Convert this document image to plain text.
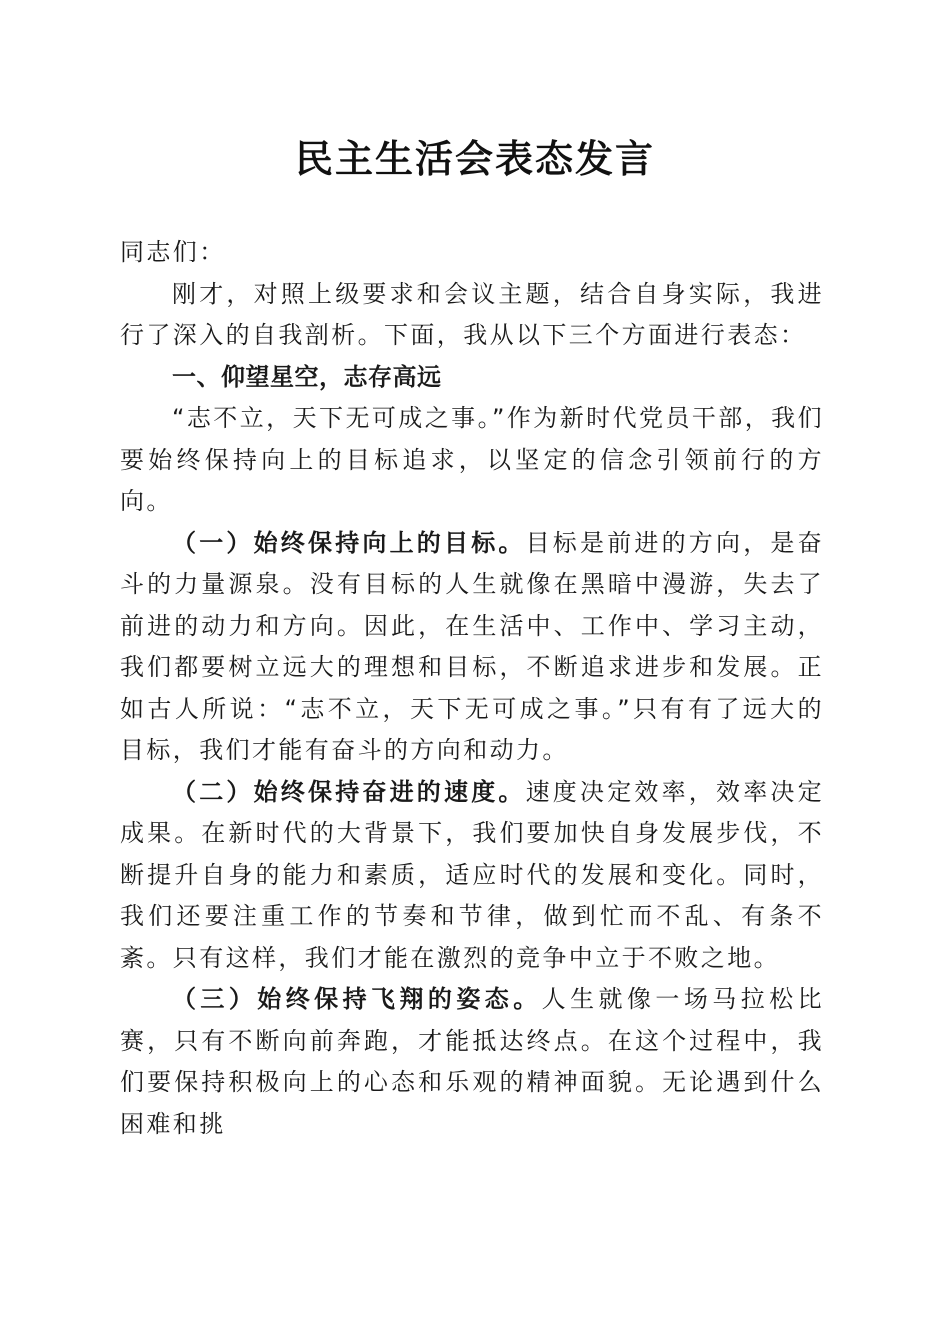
民主生活会表态发言

同志们：

刚才，对照上级要求和会议主题，结合自身实际，我进行了深入的自我剖析。下面，我从以下三个方面进行表态：

一、仰望星空，志存高远

“志不立，天下无可成之事。”作为新时代党员干部，我们要始终保持向上的目标追求，以坚定的信念引领前行的方向。

（一）始终保持向上的目标。目标是前进的方向，是奋斗的力量源泉。没有目标的人生就像在黑暗中漫游，失去了前进的动力和方向。因此，在生活中、工作中、学习主动，我们都要树立远大的理想和目标，不断追求进步和发展。正如古人所说：“志不立，天下无可成之事。”只有有了远大的目标，我们才能有奋斗的方向和动力。

（二）始终保持奋进的速度。速度决定效率，效率决定成果。在新时代的大背景下，我们要加快自身发展步伐，不断提升自身的能力和素质，适应时代的发展和变化。同时，我们还要注重工作的节奏和节律，做到忙而不乱、有条不紊。只有这样，我们才能在激烈的竞争中立于不败之地。

（三）始终保持飞翔的姿态。人生就像一场马拉松比赛，只有不断向前奔跑，才能抵达终点。在这个过程中，我们要保持积极向上的心态和乐观的精神面貌。无论遇到什么困难和挑
